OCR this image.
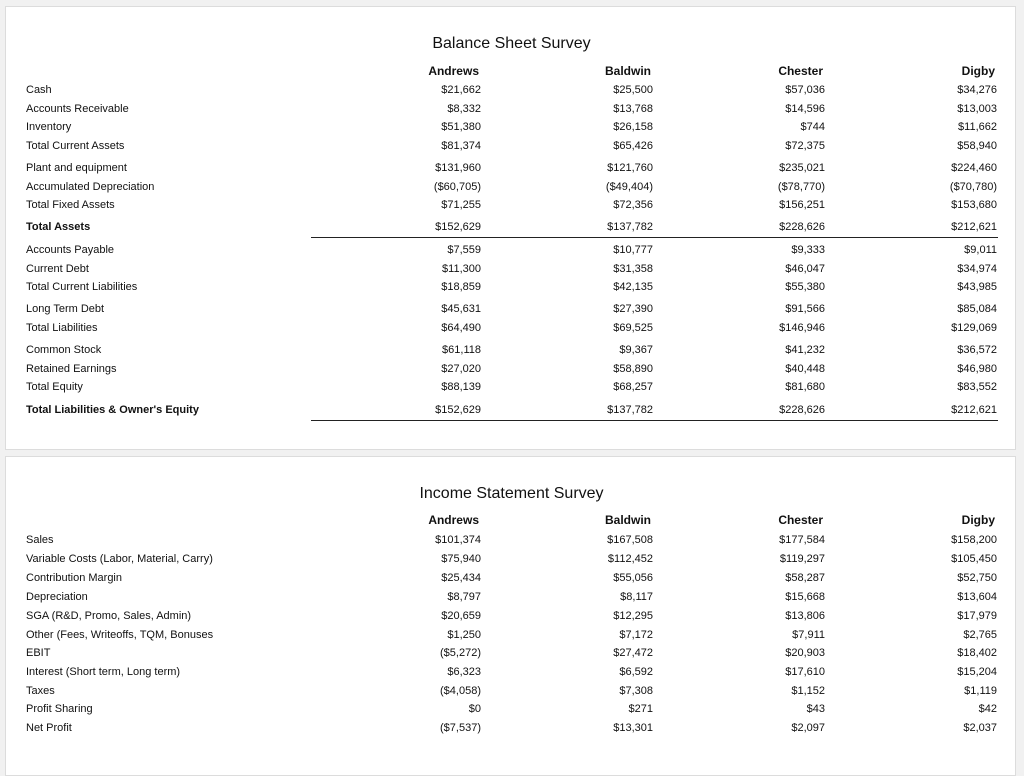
Balance Sheet Survey
Andrews	Baldwin	Chester	Digby
Cash	$21,662	$25,500	$57,036	$34,276
Accounts Receivable	$8,332	$13,768	$14,596	$13,003
Inventory	$51,380	$26,158	$744	$11,662
Total Current Assets	$81,374	$65,426	$72,375	$58,940
Plant and equipment	$131,960	$121,760	$235,021	$224,460
Accumulated Depreciation	($60,705)	($49,404)	($78,770)	($70,780)
Total Fixed Assets	$71,255	$72,356	$156,251	$153,680
Total Assets	$152,629	$137,782	$228,626	$212,621
Accounts Payable	$7,559	$10,777	$9,333	$9,011
Current Debt	$11,300	$31,358	$46,047	$34,974
Total Current Liabilities	$18,859	$42,135	$55,380	$43,985
Long Term Debt	$45,631	$27,390	$91,566	$85,084
Total Liabilities	$64,490	$69,525	$146,946	$129,069
Common Stock	$61,118	$9,367	$41,232	$36,572
Retained Earnings	$27,020	$58,890	$40,448	$46,980
Total Equity	$88,139	$68,257	$81,680	$83,552
Total Liabilities & Owner's Equity	$152,629	$137,782	$228,626	$212,621
Income Statement Survey
Andrews	Baldwin	Chester	Digby
Sales	$101,374	$167,508	$177,584	$158,200
Variable Costs (Labor, Material, Carry)	$75,940	$112,452	$119,297	$105,450
Contribution Margin	$25,434	$55,056	$58,287	$52,750
Depreciation	$8,797	$8,117	$15,668	$13,604
SGA (R&D, Promo, Sales, Admin)	$20,659	$12,295	$13,806	$17,979
Other (Fees, Writeoffs, TQM, Bonuses	$1,250	$7,172	$7,911	$2,765
EBIT	($5,272)	$27,472	$20,903	$18,402
Interest (Short term, Long term)	$6,323	$6,592	$17,610	$15,204
Taxes	($4,058)	$7,308	$1,152	$1,119
Profit Sharing	$0	$271	$43	$42
Net Profit	($7,537)	$13,301	$2,097	$2,037
